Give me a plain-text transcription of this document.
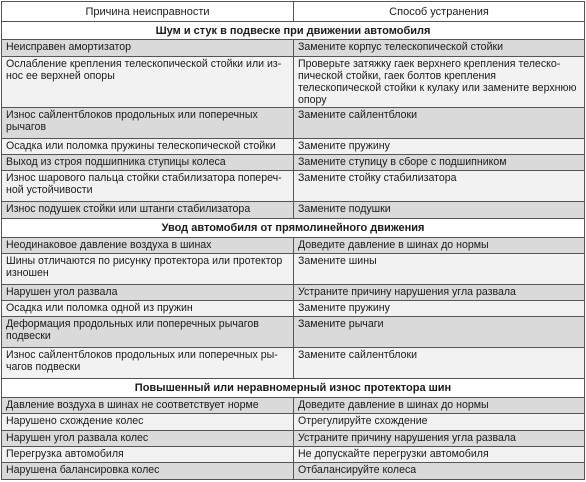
Причина неисправности	Способ устранения
Шум и стук в подвеске при движении автомобиля	
Неисправен амортизатор	Замените корпус телескопической стойки
Ослабление крепления телескопической стойки или из-нос ее верхней опоры	Проверьте затяжку гаек верхнего крепления телеско-пической стойки, гаек болтов крепления телескопической стойки к кулаку или замените верхнюю опору
Износ сайлентблоков продольных или поперечных рычагов	Замените сайлентблоки
Осадка или поломка пружины телескопической стойки	Замените пружину
Выход из строя подшипника ступицы колеса	Замените ступицу в сборе с подшипником
Износ шарового пальца стойки стабилизатора попереч-ной устойчивости	Замените стойку стабилизатора
Износ подушек стойки или штанги стабилизатора	Замените подушки
Увод автомобиля от прямолинейного движения	
Неодинаковое давление воздуха в шинах	Доведите давление в шинах до нормы
Шины отличаются по рисунку протектора или протектор изношен	Замените шины
Нарушен угол развала	Устраните причину нарушения угла развала
Осадка или поломка одной из пружин	Замените пружину
Деформация продольных или поперечных рычагов подвески	Замените рычаги
Износ сайлентблоков продольных или поперечных ры-чагов подвески	Замените сайлентблоки
Повышенный или неравномерный износ протектора шин	
Давление воздуха в шинах не соответствует норме	Доведите давление в шинах до нормы
Нарушено схождение колес	Отрегулируйте схождение
Нарушен угол развала колес	Устраните причину нарушения угла развала
Перегрузка автомобиля	Не допускайте перегрузки автомобиля
Нарушена балансировка колес	Отбалансируйте колеса
